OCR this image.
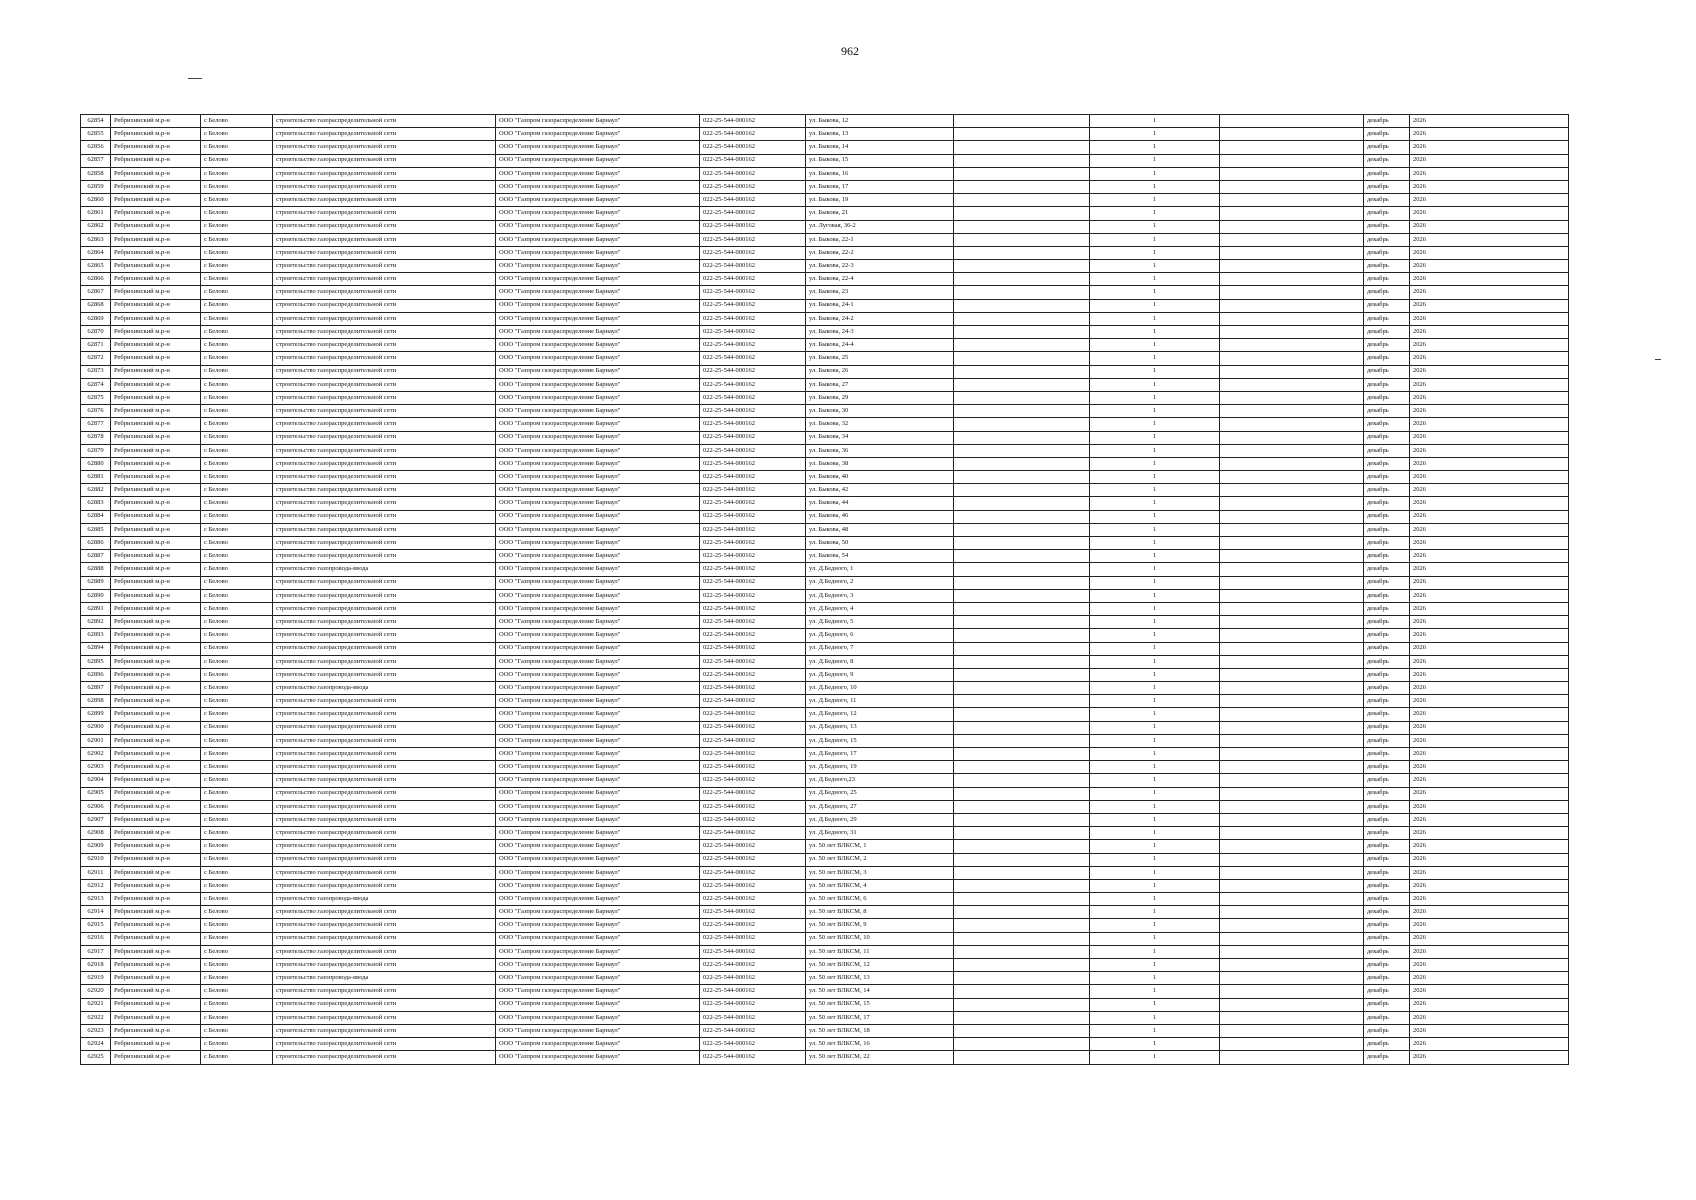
962
62854	Ребрихинский м.р-н	с Белово	строительство газораспределительной сети	ООО "Газпром газораспределение Барнаул"	022-25-544-000162	ул. Быкова, 12		1		декабрь	2026
62855	Ребрихинский м.р-н	с Белово	строительство газораспределительной сети	ООО "Газпром газораспределение Барнаул"	022-25-544-000162	ул. Быкова, 13		1		декабрь	2026
62856	Ребрихинский м.р-н	с Белово	строительство газораспределительной сети	ООО "Газпром газораспределение Барнаул"	022-25-544-000162	ул. Быкова, 14		1		декабрь	2026
62857	Ребрихинский м.р-н	с Белово	строительство газораспределительной сети	ООО "Газпром газораспределение Барнаул"	022-25-544-000162	ул. Быкова, 15		1		декабрь	2026
62858	Ребрихинский м.р-н	с Белово	строительство газораспределительной сети	ООО "Газпром газораспределение Барнаул"	022-25-544-000162	ул. Быкова, 16		1		декабрь	2026
62859	Ребрихинский м.р-н	с Белово	строительство газораспределительной сети	ООО "Газпром газораспределение Барнаул"	022-25-544-000162	ул. Быкова, 17		1		декабрь	2026
62860	Ребрихинский м.р-н	с Белово	строительство газораспределительной сети	ООО "Газпром газораспределение Барнаул"	022-25-544-000162	ул. Быкова, 19		1		декабрь	2026
62861	Ребрихинский м.р-н	с Белово	строительство газораспределительной сети	ООО "Газпром газораспределение Барнаул"	022-25-544-000162	ул. Быкова, 21		1		декабрь	2026
62862	Ребрихинский м.р-н	с Белово	строительство газораспределительной сети	ООО "Газпром газораспределение Барнаул"	022-25-544-000162	ул. Луговая, 36-2		1		декабрь	2026
62863	Ребрихинский м.р-н	с Белово	строительство газораспределительной сети	ООО "Газпром газораспределение Барнаул"	022-25-544-000162	ул. Быкова, 22-1		1		декабрь	2026
62864	Ребрихинский м.р-н	с Белово	строительство газораспределительной сети	ООО "Газпром газораспределение Барнаул"	022-25-544-000162	ул. Быкова, 22-2		1		декабрь	2026
62865	Ребрихинский м.р-н	с Белово	строительство газораспределительной сети	ООО "Газпром газораспределение Барнаул"	022-25-544-000162	ул. Быкова, 22-3		1		декабрь	2026
62866	Ребрихинский м.р-н	с Белово	строительство газораспределительной сети	ООО "Газпром газораспределение Барнаул"	022-25-544-000162	ул. Быкова, 22-4		1		декабрь	2026
62867	Ребрихинский м.р-н	с Белово	строительство газораспределительной сети	ООО "Газпром газораспределение Барнаул"	022-25-544-000162	ул. Быкова, 23		1		декабрь	2026
62868	Ребрихинский м.р-н	с Белово	строительство газораспределительной сети	ООО "Газпром газораспределение Барнаул"	022-25-544-000162	ул. Быкова, 24-1		1		декабрь	2026
62869	Ребрихинский м.р-н	с Белово	строительство газораспределительной сети	ООО "Газпром газораспределение Барнаул"	022-25-544-000162	ул. Быкова, 24-2		1		декабрь	2026
62870	Ребрихинский м.р-н	с Белово	строительство газораспределительной сети	ООО "Газпром газораспределение Барнаул"	022-25-544-000162	ул. Быкова, 24-3		1		декабрь	2026
62871	Ребрихинский м.р-н	с Белово	строительство газораспределительной сети	ООО "Газпром газораспределение Барнаул"	022-25-544-000162	ул. Быкова, 24-4		1		декабрь	2026
62872	Ребрихинский м.р-н	с Белово	строительство газораспределительной сети	ООО "Газпром газораспределение Барнаул"	022-25-544-000162	ул. Быкова, 25		1		декабрь	2026
62873	Ребрихинский м.р-н	с Белово	строительство газораспределительной сети	ООО "Газпром газораспределение Барнаул"	022-25-544-000162	ул. Быкова, 26		1		декабрь	2026
62874	Ребрихинский м.р-н	с Белово	строительство газораспределительной сети	ООО "Газпром газораспределение Барнаул"	022-25-544-000162	ул. Быкова, 27		1		декабрь	2026
62875	Ребрихинский м.р-н	с Белово	строительство газораспределительной сети	ООО "Газпром газораспределение Барнаул"	022-25-544-000162	ул. Быкова, 29		1		декабрь	2026
62876	Ребрихинский м.р-н	с Белово	строительство газораспределительной сети	ООО "Газпром газораспределение Барнаул"	022-25-544-000162	ул. Быкова, 30		1		декабрь	2026
62877	Ребрихинский м.р-н	с Белово	строительство газораспределительной сети	ООО "Газпром газораспределение Барнаул"	022-25-544-000162	ул. Быкова, 32		1		декабрь	2026
62878	Ребрихинский м.р-н	с Белово	строительство газораспределительной сети	ООО "Газпром газораспределение Барнаул"	022-25-544-000162	ул. Быкова, 34		1		декабрь	2026
62879	Ребрихинский м.р-н	с Белово	строительство газораспределительной сети	ООО "Газпром газораспределение Барнаул"	022-25-544-000162	ул. Быкова, 36		1		декабрь	2026
62880	Ребрихинский м.р-н	с Белово	строительство газораспределительной сети	ООО "Газпром газораспределение Барнаул"	022-25-544-000162	ул. Быкова, 38		1		декабрь	2026
62881	Ребрихинский м.р-н	с Белово	строительство газораспределительной сети	ООО "Газпром газораспределение Барнаул"	022-25-544-000162	ул. Быкова, 40		1		декабрь	2026
62882	Ребрихинский м.р-н	с Белово	строительство газораспределительной сети	ООО "Газпром газораспределение Барнаул"	022-25-544-000162	ул. Быкова, 42		1		декабрь	2026
62883	Ребрихинский м.р-н	с Белово	строительство газораспределительной сети	ООО "Газпром газораспределение Барнаул"	022-25-544-000162	ул. Быкова, 44		1		декабрь	2026
62884	Ребрихинский м.р-н	с Белово	строительство газораспределительной сети	ООО "Газпром газораспределение Барнаул"	022-25-544-000162	ул. Быкова, 46		1		декабрь	2026
62885	Ребрихинский м.р-н	с Белово	строительство газораспределительной сети	ООО "Газпром газораспределение Барнаул"	022-25-544-000162	ул. Быкова, 48		1		декабрь	2026
62886	Ребрихинский м.р-н	с Белово	строительство газораспределительной сети	ООО "Газпром газораспределение Барнаул"	022-25-544-000162	ул. Быкова, 50		1		декабрь	2026
62887	Ребрихинский м.р-н	с Белово	строительство газораспределительной сети	ООО "Газпром газораспределение Барнаул"	022-25-544-000162	ул. Быкова, 54		1		декабрь	2026
62888	Ребрихинский м.р-н	с Белово	строительство газопровода-ввода	ООО "Газпром газораспределение Барнаул"	022-25-544-000162	ул. Д.Бедного, 1		1		декабрь	2026
62889	Ребрихинский м.р-н	с Белово	строительство газораспределительной сети	ООО "Газпром газораспределение Барнаул"	022-25-544-000162	ул. Д.Бедного, 2		1		декабрь	2026
62890	Ребрихинский м.р-н	с Белово	строительство газораспределительной сети	ООО "Газпром газораспределение Барнаул"	022-25-544-000162	ул. Д.Бедного, 3		1		декабрь	2026
62891	Ребрихинский м.р-н	с Белово	строительство газораспределительной сети	ООО "Газпром газораспределение Барнаул"	022-25-544-000162	ул. Д.Бедного, 4		1		декабрь	2026
62892	Ребрихинский м.р-н	с Белово	строительство газораспределительной сети	ООО "Газпром газораспределение Барнаул"	022-25-544-000162	ул. Д.Бедного, 5		1		декабрь	2026
62893	Ребрихинский м.р-н	с Белово	строительство газораспределительной сети	ООО "Газпром газораспределение Барнаул"	022-25-544-000162	ул. Д.Бедного, 6		1		декабрь	2026
62894	Ребрихинский м.р-н	с Белово	строительство газораспределительной сети	ООО "Газпром газораспределение Барнаул"	022-25-544-000162	ул. Д.Бедного, 7		1		декабрь	2026
62895	Ребрихинский м.р-н	с Белово	строительство газораспределительной сети	ООО "Газпром газораспределение Барнаул"	022-25-544-000162	ул. Д.Бедного, 8		1		декабрь	2026
62896	Ребрихинский м.р-н	с Белово	строительство газораспределительной сети	ООО "Газпром газораспределение Барнаул"	022-25-544-000162	ул. Д.Бедного, 9		1		декабрь	2026
62897	Ребрихинский м.р-н	с Белово	строительство газопровода-ввода	ООО "Газпром газораспределение Барнаул"	022-25-544-000162	ул. Д.Бедного, 10		1		декабрь	2026
62898	Ребрихинский м.р-н	с Белово	строительство газораспределительной сети	ООО "Газпром газораспределение Барнаул"	022-25-544-000162	ул. Д.Бедного, 11		1		декабрь	2026
62899	Ребрихинский м.р-н	с Белово	строительство газораспределительной сети	ООО "Газпром газораспределение Барнаул"	022-25-544-000162	ул. Д.Бедного, 12		1		декабрь	2026
62900	Ребрихинский м.р-н	с Белово	строительство газораспределительной сети	ООО "Газпром газораспределение Барнаул"	022-25-544-000162	ул. Д.Бедного, 13		1		декабрь	2026
62901	Ребрихинский м.р-н	с Белово	строительство газораспределительной сети	ООО "Газпром газораспределение Барнаул"	022-25-544-000162	ул. Д.Бедного, 15		1		декабрь	2026
62902	Ребрихинский м.р-н	с Белово	строительство газораспределительной сети	ООО "Газпром газораспределение Барнаул"	022-25-544-000162	ул. Д.Бедного, 17		1		декабрь	2026
62903	Ребрихинский м.р-н	с Белово	строительство газораспределительной сети	ООО "Газпром газораспределение Барнаул"	022-25-544-000162	ул. Д.Бедного, 19		1		декабрь	2026
62904	Ребрихинский м.р-н	с Белово	строительство газораспределительной сети	ООО "Газпром газораспределение Барнаул"	022-25-544-000162	ул. Д.Бедного,23		1		декабрь	2026
62905	Ребрихинский м.р-н	с Белово	строительство газораспределительной сети	ООО "Газпром газораспределение Барнаул"	022-25-544-000162	ул. Д.Бедного, 25		1		декабрь	2026
62906	Ребрихинский м.р-н	с Белово	строительство газораспределительной сети	ООО "Газпром газораспределение Барнаул"	022-25-544-000162	ул. Д.Бедного, 27		1		декабрь	2026
62907	Ребрихинский м.р-н	с Белово	строительство газораспределительной сети	ООО "Газпром газораспределение Барнаул"	022-25-544-000162	ул. Д.Бедного, 29		1		декабрь	2026
62908	Ребрихинский м.р-н	с Белово	строительство газораспределительной сети	ООО "Газпром газораспределение Барнаул"	022-25-544-000162	ул. Д.Бедного, 31		1		декабрь	2026
62909	Ребрихинский м.р-н	с Белово	строительство газораспределительной сети	ООО "Газпром газораспределение Барнаул"	022-25-544-000162	ул. 50 лет ВЛКСМ, 1		1		декабрь	2026
62910	Ребрихинский м.р-н	с Белово	строительство газораспределительной сети	ООО "Газпром газораспределение Барнаул"	022-25-544-000162	ул. 50 лет ВЛКСМ, 2		1		декабрь	2026
62911	Ребрихинский м.р-н	с Белово	строительство газораспределительной сети	ООО "Газпром газораспределение Барнаул"	022-25-544-000162	ул. 50 лет ВЛКСМ, 3		1		декабрь	2026
62912	Ребрихинский м.р-н	с Белово	строительство газораспределительной сети	ООО "Газпром газораспределение Барнаул"	022-25-544-000162	ул. 50 лет ВЛКСМ, 4		1		декабрь	2026
62913	Ребрихинский м.р-н	с Белово	строительство газопровода-ввода	ООО "Газпром газораспределение Барнаул"	022-25-544-000162	ул. 50 лет ВЛКСМ, 6		1		декабрь	2026
62914	Ребрихинский м.р-н	с Белово	строительство газораспределительной сети	ООО "Газпром газораспределение Барнаул"	022-25-544-000162	ул. 50 лет ВЛКСМ, 8		1		декабрь	2026
62915	Ребрихинский м.р-н	с Белово	строительство газораспределительной сети	ООО "Газпром газораспределение Барнаул"	022-25-544-000162	ул. 50 лет ВЛКСМ, 9		1		декабрь	2026
62916	Ребрихинский м.р-н	с Белово	строительство газораспределительной сети	ООО "Газпром газораспределение Барнаул"	022-25-544-000162	ул. 50 лет ВЛКСМ, 10		1		декабрь	2026
62917	Ребрихинский м.р-н	с Белово	строительство газораспределительной сети	ООО "Газпром газораспределение Барнаул"	022-25-544-000162	ул. 50 лет ВЛКСМ, 11		1		декабрь	2026
62918	Ребрихинский м.р-н	с Белово	строительство газораспределительной сети	ООО "Газпром газораспределение Барнаул"	022-25-544-000162	ул. 50 лет ВЛКСМ, 12		1		декабрь	2026
62919	Ребрихинский м.р-н	с Белово	строительство газопровода-ввода	ООО "Газпром газораспределение Барнаул"	022-25-544-000162	ул. 50 лет ВЛКСМ, 13		1		декабрь	2026
62920	Ребрихинский м.р-н	с Белово	строительство газораспределительной сети	ООО "Газпром газораспределение Барнаул"	022-25-544-000162	ул. 50 лет ВЛКСМ, 14		1		декабрь	2026
62921	Ребрихинский м.р-н	с Белово	строительство газораспределительной сети	ООО "Газпром газораспределение Барнаул"	022-25-544-000162	ул. 50 лет ВЛКСМ, 15		1		декабрь	2026
62922	Ребрихинский м.р-н	с Белово	строительство газораспределительной сети	ООО "Газпром газораспределение Барнаул"	022-25-544-000162	ул. 50 лет ВЛКСМ, 17		1		декабрь	2026
62923	Ребрихинский м.р-н	с Белово	строительство газораспределительной сети	ООО "Газпром газораспределение Барнаул"	022-25-544-000162	ул. 50 лет ВЛКСМ, 18		1		декабрь	2026
62924	Ребрихинский м.р-н	с Белово	строительство газораспределительной сети	ООО "Газпром газораспределение Барнаул"	022-25-544-000162	ул. 50 лет ВЛКСМ, 16		1		декабрь	2026
62925	Ребрихинский м.р-н	с Белово	строительство газораспределительной сети	ООО "Газпром газораспределение Барнаул"	022-25-544-000162	ул. 50 лет ВЛКСМ, 22		1		декабрь	2026
